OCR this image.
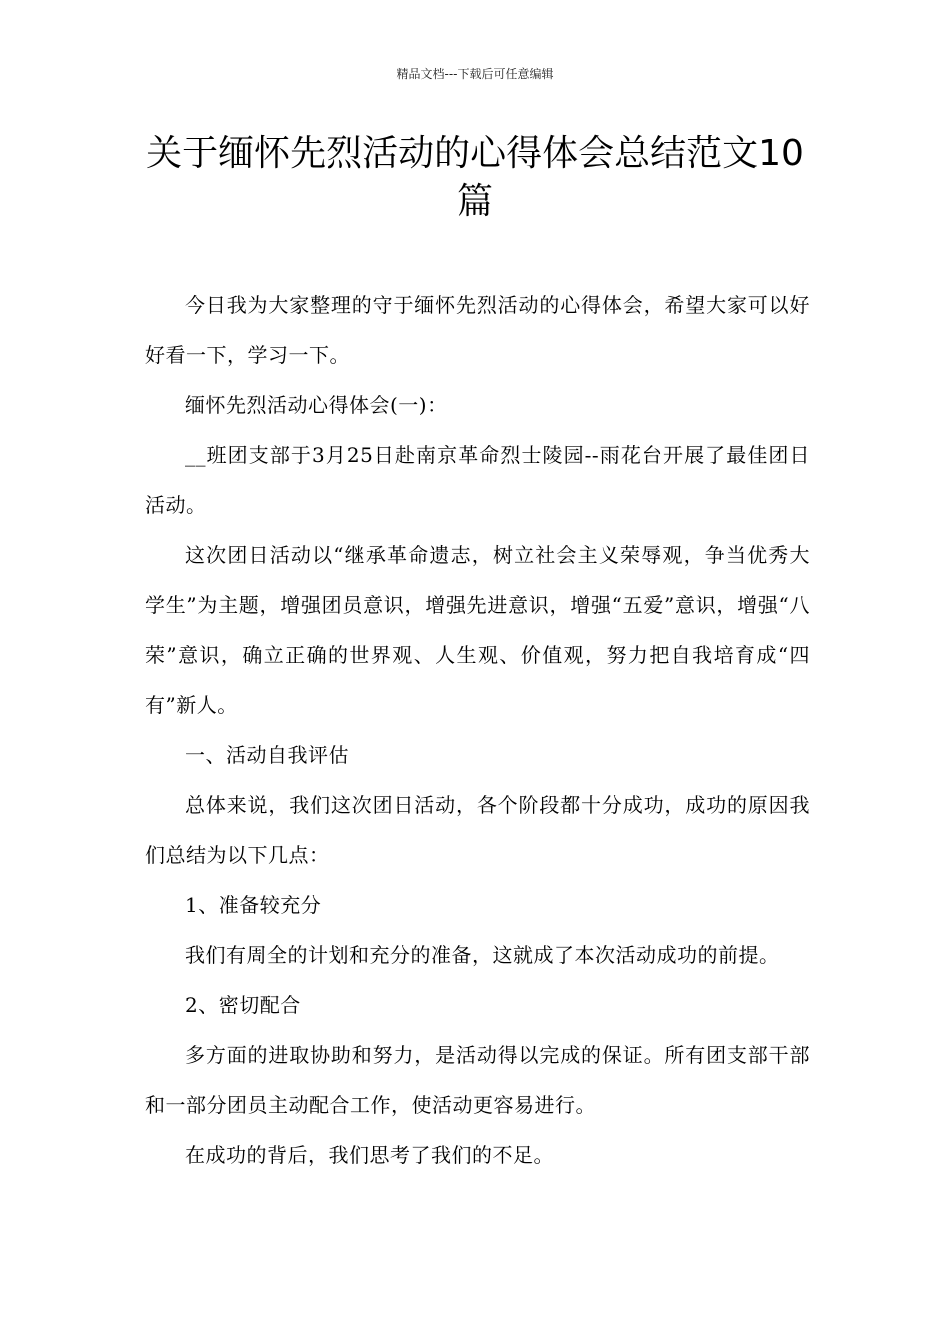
精品文档---下载后可任意编辑
关于缅怀先烈活动的心得体会总结范文10篇

今日我为大家整理的守于缅怀先烈活动的心得体会，希望大家可以好好看一下，学习一下。

缅怀先烈活动心得体会(一)：

__班团支部于3月25日赴南京革命烈士陵园--雨花台开展了最佳团日活动。

这次团日活动以“继承革命遗志，树立社会主义荣辱观，争当优秀大学生”为主题，增强团员意识，增强先进意识，增强“五爱”意识，增强“八荣”意识，确立正确的世界观、人生观、价值观，努力把自我培育成“四有”新人。

一、活动自我评估

总体来说，我们这次团日活动，各个阶段都十分成功，成功的原因我们总结为以下几点：

1、准备较充分

我们有周全的计划和充分的准备，这就成了本次活动成功的前提。

2、密切配合

多方面的进取协助和努力，是活动得以完成的保证。所有团支部干部和一部分团员主动配合工作，使活动更容易进行。

在成功的背后，我们思考了我们的不足。
